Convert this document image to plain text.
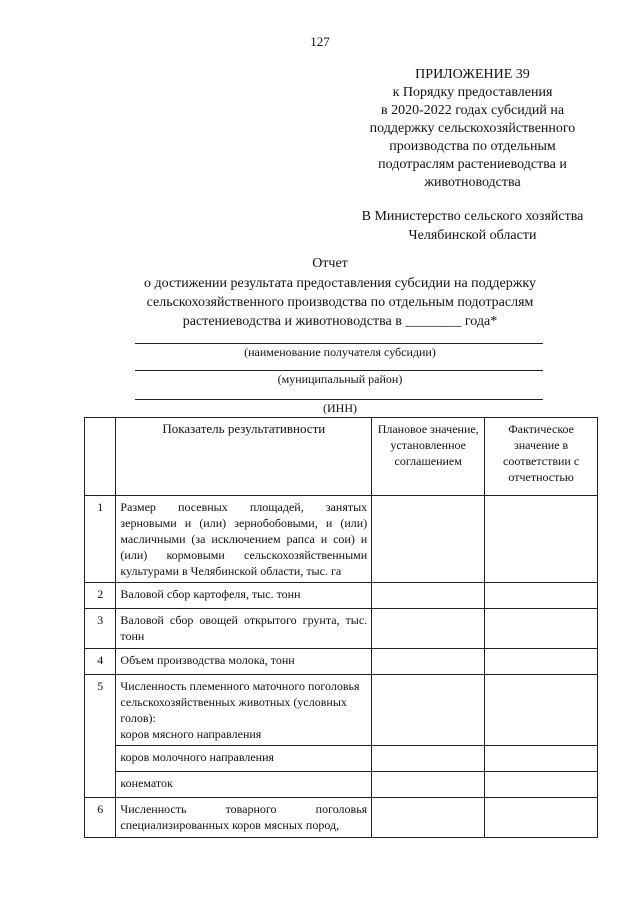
127
ПРИЛОЖЕНИЕ 39
к Порядку предоставления
в 2020-2022 годах субсидий на
поддержку сельскохозяйственного
производства по отдельным
подотраслям растениеводства и
животноводства
В Министерство сельского хозяйства
Челябинской области
Отчет
о достижении результата предоставления субсидии на поддержку
сельскохозяйственного производства по отдельным подотраслям
растениеводства и животноводства в ________ года*
(наименование получателя субсидии)
(муниципальный район)
(ИНН)
	Показатель результативности	Плановое значение, установленное соглашением	Фактическое значение в соответствии с отчетностью
1	Размер посевных площадей, занятых зерновыми и (или) зернобобовыми, и (или) масличными (за исключением рапса и сои) и (или) кормовыми сельскохозяйственными культурами в Челябинской области, тыс. га		
2	Валовой сбор картофеля, тыс. тонн		
3	Валовой сбор овощей открытого грунта, тыс. тонн		
4	Объем производства молока, тонн		
5	Численность племенного маточного поголовья сельскохозяйственных животных (условных голов):
коров мясного направления		
	коров молочного направления		
	конематок		
6	Численность товарного поголовья специализированных коров мясных пород,		
